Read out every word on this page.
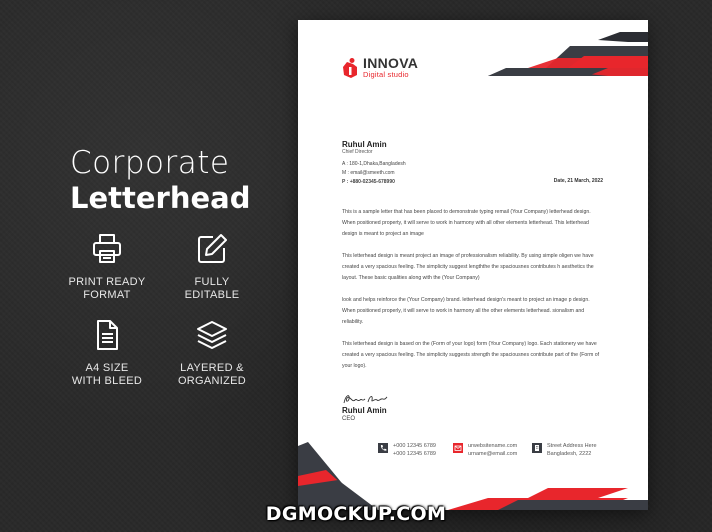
Corporate
Letterhead
PRINT READY
FORMAT
FULLY
EDITABLE
A4 SIZE
WITH BLEED
LAYERED &
ORGANIZED
INNOVA
Digital studio
Ruhul Amin
Chief Director
A : 180-1,Dhaka,Bangladesh
M : email@smeeth.com
P : +880-02345-678990	Date, 21 March, 2022
This is a sample letter that has been placed to demonstrate typing remail (Your Company) letterhead design. When positioned property, it will serve to work in harmony with all other elements letterhead. This letterhead design is meant to project an image
This letterhead design is meant project an image of professionalism reliability. By using simple oligen we have created a very spacious feeling. The simplicity suggest lengththe the spaciousnes contributes h aesthetics the layout. These basic qualities along with the (Your Company)
look and helps reinforce the (Your Company) brand. letterhead design's meant to project an image p design. When positioned properly, it will serve to work in harmony all the other elements letterhead. sionalism and reliability.
This letterhead design is based on the (Form of your logo) form (Your Company) logo. Each stationery we have created a very spacious feeling. The simplicity suggests strength the spaciousnes contribute part of the (Form of your logo).
Ruhul Amin
CEO
+000 12345 6789
+000 12345 6789
urwebsitename.com
urname@email.com
Street Address Here
Bangladesh, 2222
DGMOCKUP.COM
